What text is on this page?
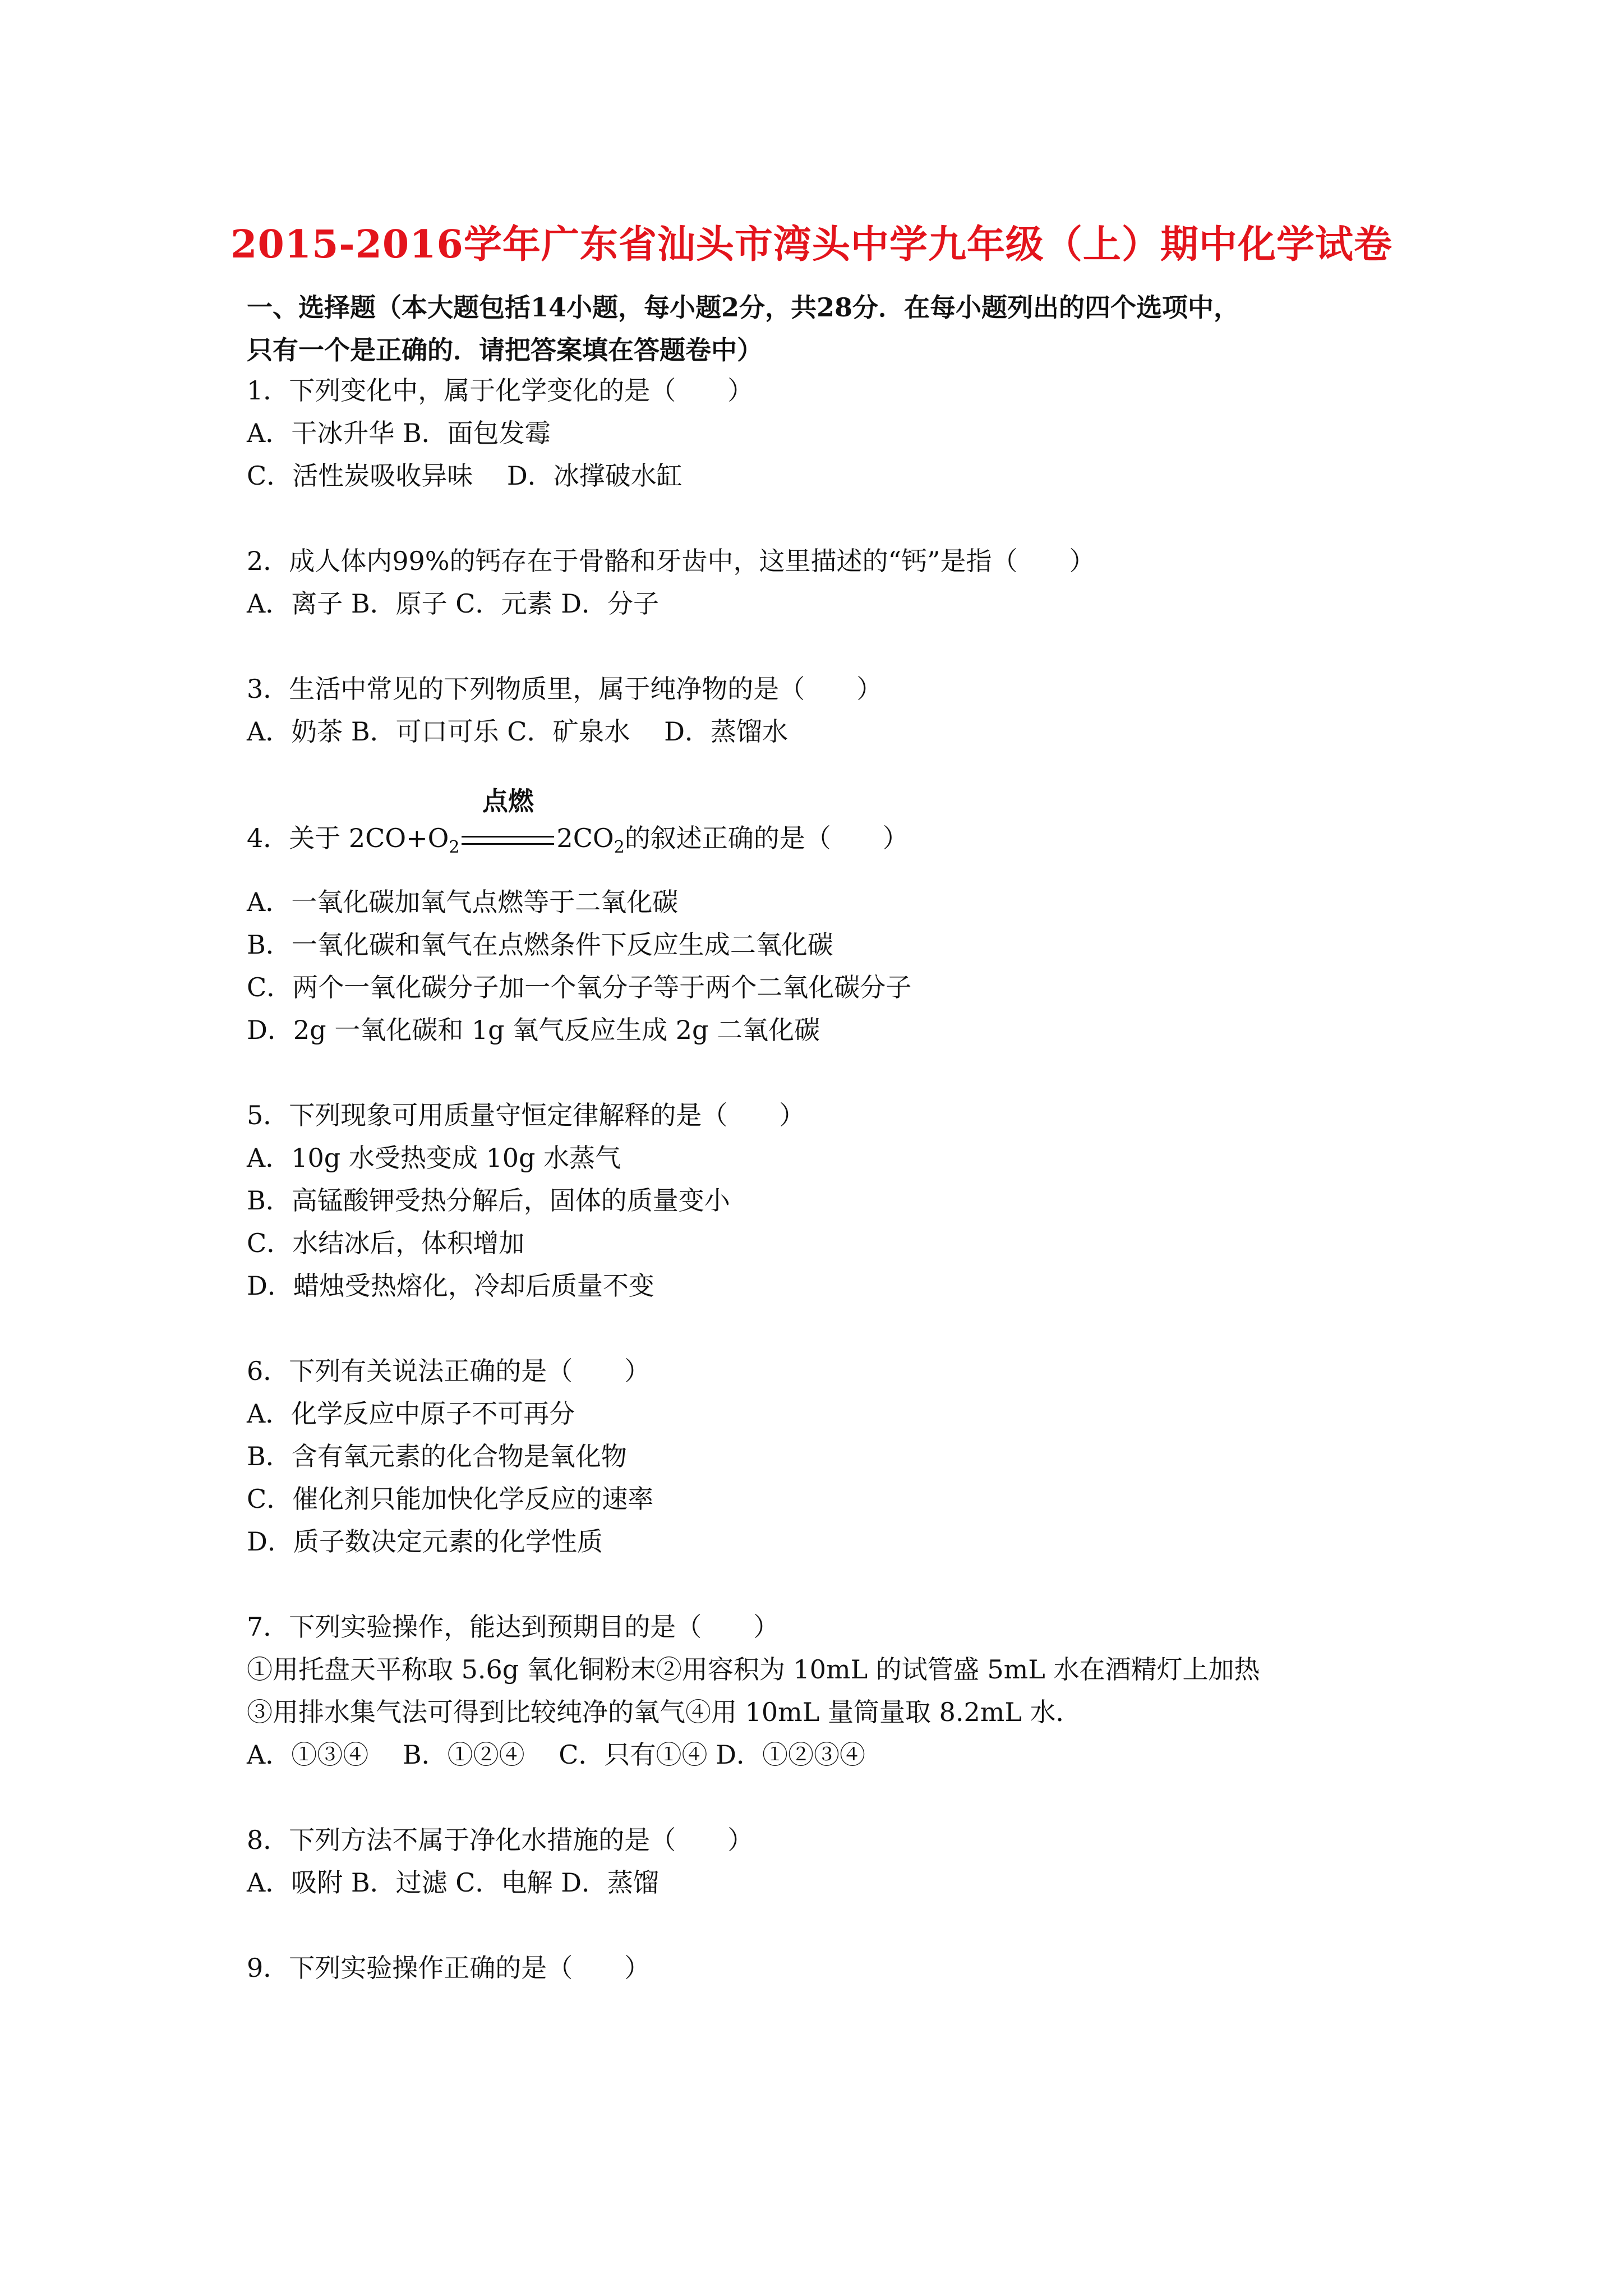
2015-2016学年广东省汕头市湾头中学九年级（上）期中化学试卷
一、选择题（本大题包括14小题，每小题2分，共28分．在每小题列出的四个选项中，
只有一个是正确的．请把答案填在答题卷中）
1．下列变化中，属于化学变化的是（　　）
A．干冰升华 B．面包发霉
C．活性炭吸收异味　 D．冰撑破水缸
2．成人体内99%的钙存在于骨骼和牙齿中，这里描述的“钙”是指（　　）
A．离子 B．原子 C．元素 D．分子
3．生活中常见的下列物质里，属于纯净物的是（　　）
A．奶茶 B．可口可乐 C．矿泉水　 D．蒸馏水
4．关于 $2CO+O_2$
点燃
$2CO_2$的叙述正确的是（　　）
A．一氧化碳加氧气点燃等于二氧化碳
B．一氧化碳和氧气在点燃条件下反应生成二氧化碳
C．两个一氧化碳分子加一个氧分子等于两个二氧化碳分子
D．2g 一氧化碳和 1g 氧气反应生成 2g 二氧化碳
5．下列现象可用质量守恒定律解释的是（　　）
A．10g 水受热变成 10g 水蒸气
B．高锰酸钾受热分解后，固体的质量变小
C．水结冰后，体积增加
D．蜡烛受热熔化，冷却后质量不变
6．下列有关说法正确的是（　　）
A．化学反应中原子不可再分
B．含有氧元素的化合物是氧化物
C．催化剂只能加快化学反应的速率
D．质子数决定元素的化学性质
7．下列实验操作，能达到预期目的是（　　）
①用托盘天平称取 5.6g 氧化铜粉末②用容积为 10mL 的试管盛 5mL 水在酒精灯上加热
③用排水集气法可得到比较纯净的氧气④用 10mL 量筒量取 8.2mL 水．
A．①③④　 B．①②④　 C．只有①④ D．①②③④
8．下列方法不属于净化水措施的是（　　）
A．吸附 B．过滤 C．电解 D．蒸馏
9．下列实验操作正确的是（　　）
